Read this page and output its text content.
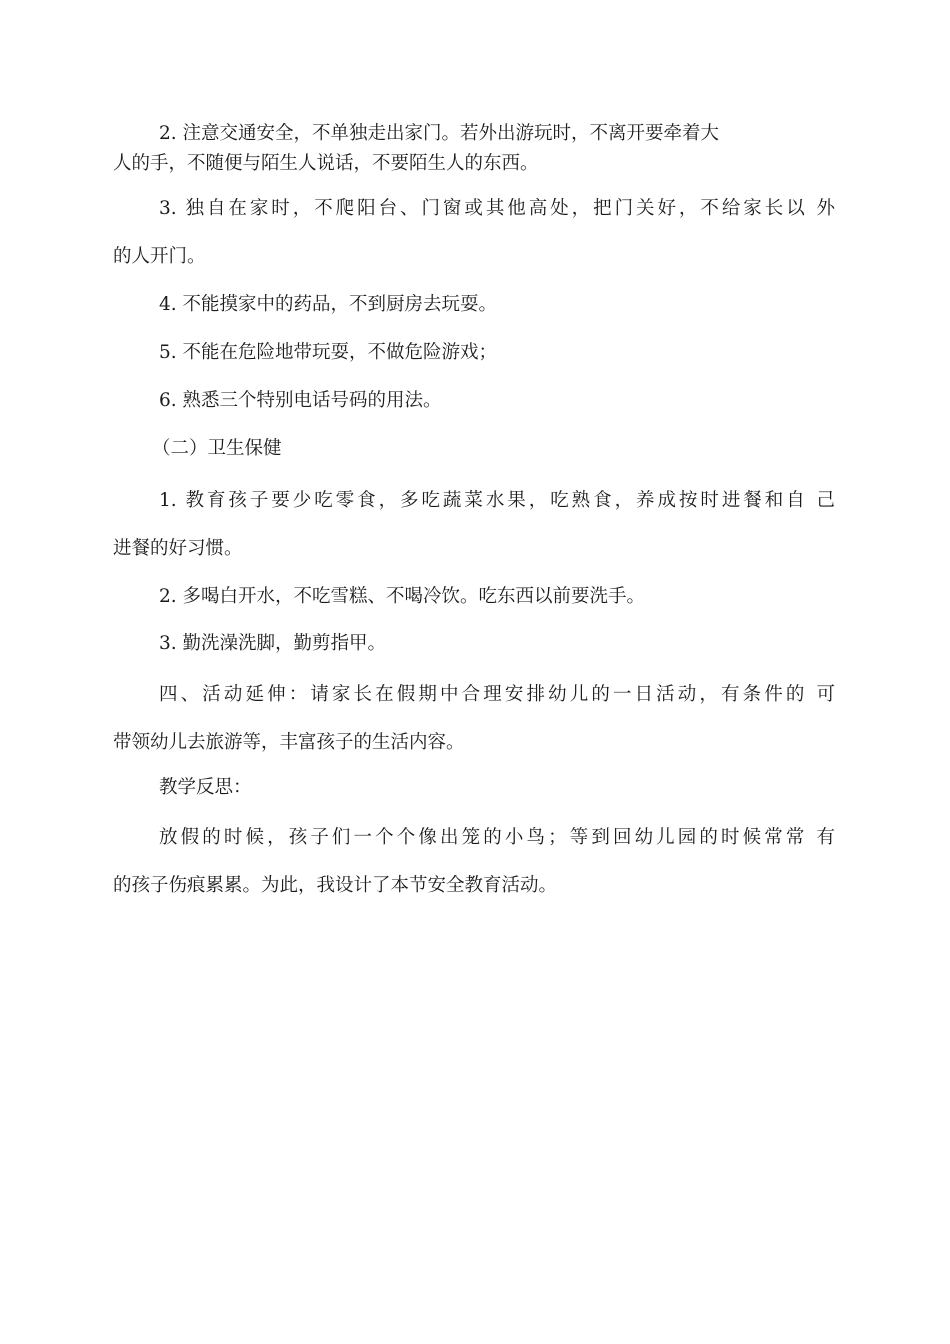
2. 注意交通安全，不单独走出家门。若外出游玩时，不离开要牵着大
人的手，不随便与陌生人说话，不要陌生人的东西。
3. 独自在家时，不爬阳台、门窗或其他高处，把门关好，不给家长以 外
的人开门。
4. 不能摸家中的药品，不到厨房去玩耍。
5. 不能在危险地带玩耍，不做危险游戏；
6. 熟悉三个特别电话号码的用法。
（二）卫生保健
1. 教育孩子要少吃零食，多吃蔬菜水果，吃熟食，养成按时进餐和自 己
进餐的好习惯。
2. 多喝白开水，不吃雪糕、不喝冷饮。吃东西以前要洗手。
3. 勤洗澡洗脚，勤剪指甲。
四、活动延伸：请家长在假期中合理安排幼儿的一日活动，有条件的 可
带领幼儿去旅游等，丰富孩子的生活内容。
教学反思：
放假的时候，孩子们一个个像出笼的小鸟；等到回幼儿园的时候常常 有
的孩子伤痕累累。为此，我设计了本节安全教育活动。
